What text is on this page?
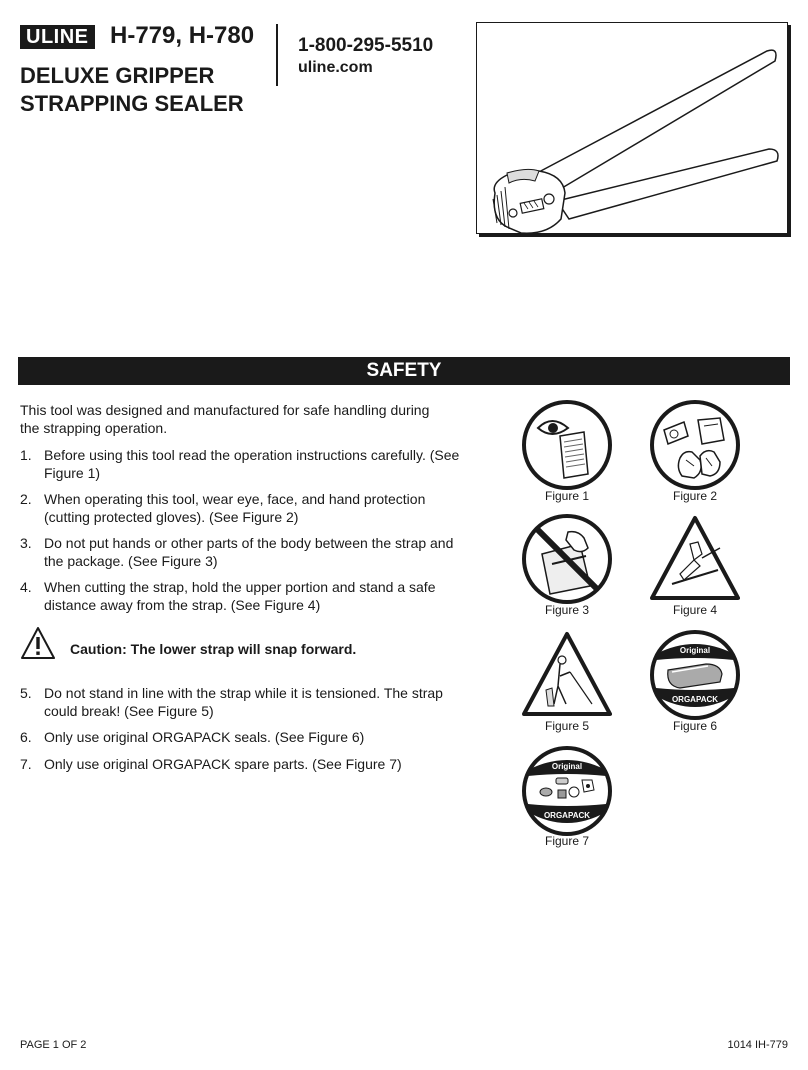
ULINE H-779, H-780
DELUXE GRIPPER
STRAPPING SEALER
1-800-295-5510
uline.com
SAFETY
This tool was designed and manufactured for safe handling during the strapping operation.
1. Before using this tool read the operation instructions carefully. (See Figure 1)
2. When operating this tool, wear eye, face, and hand protection (cutting protected gloves). (See Figure 2)
3. Do not put hands or other parts of the body between the strap and the package. (See Figure 3)
4. When cutting the strap, hold the upper portion and stand a safe distance away from the strap. (See Figure 4)
Caution: The lower strap will snap forward.
5. Do not stand in line with the strap while it is tensioned. The strap could break! (See Figure 5)
6. Only use original ORGAPACK seals. (See Figure 6)
7. Only use original ORGAPACK spare parts. (See Figure 7)
Figure 1	Figure 2
Figure 3	Figure 4
Figure 5
Original
ORGAPACK
Figure 6
Original
ORGAPACK
Figure 7
PAGE 1 OF 2	1014 IH-779
